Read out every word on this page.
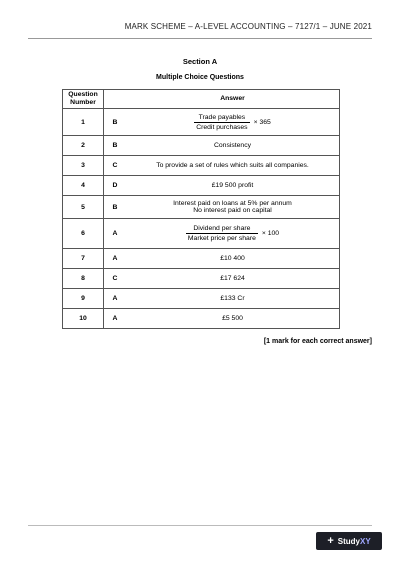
MARK SCHEME – A-LEVEL ACCOUNTING – 7127/1 – JUNE 2021
Section A
Multiple Choice Questions
Question Number		Answer
1	B	$\frac{\text{Trade payables}}{\text{Credit purchases}} \times 365$
2	B	Consistency
3	C	To provide a set of rules which suits all companies.
4	D	£19 500 profit
5	B	Interest paid on loans at 5% per annum
No interest paid on capital

6	A	$\frac{\text{Dividend per share}}{\text{Market price per share}} \times 100$
7	A	£10 400
8	C	£17 624
9	A	£133 Cr
10	A	£5 500
[1 mark for each correct answer]
+ Study XY
